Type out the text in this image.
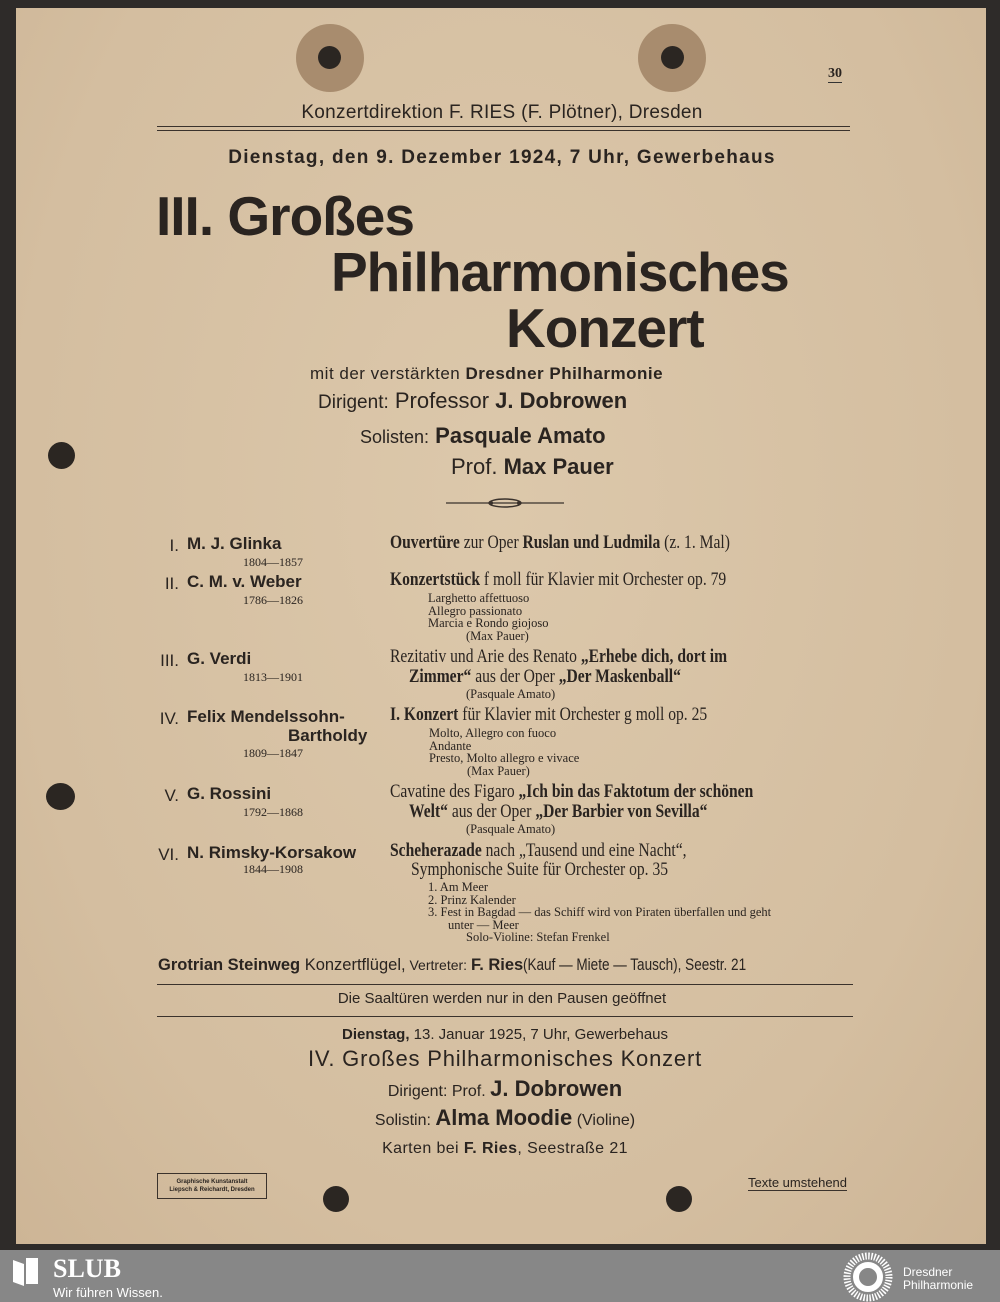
30
Konzertdirektion F. RIES (F. Plötner), Dresden
Dienstag, den 9. Dezember 1924, 7 Uhr, Gewerbehaus
III. Großes
Philharmonisches
Konzert
mit der verstärkten Dresdner Philharmonie
Dirigent: Professor J. Dobrowen
Solisten: Pasquale Amato
Prof. Max Pauer
I. M. J. Glinka
1804—1857
Ouvertüre zur Oper Ruslan und Ludmila (z. 1. Mal)
II. C. M. v. Weber
1786—1826
Konzertstück f moll für Klavier mit Orchester op. 79
Larghetto affettuoso
Allegro passionato
Marcia e Rondo giojoso
(Max Pauer)
III. G. Verdi
1813—1901
Rezitativ und Arie des Renato „Erhebe dich, dort im
Zimmer“ aus der Oper „Der Maskenball“
(Pasquale Amato)
IV. Felix Mendelssohn-
Bartholdy
1809—1847
I. Konzert für Klavier mit Orchester g moll op. 25
Molto, Allegro con fuoco
Andante
Presto, Molto allegro e vivace
(Max Pauer)
V. G. Rossini
1792—1868
Cavatine des Figaro „Ich bin das Faktotum der schönen
Welt“ aus der Oper „Der Barbier von Sevilla“
(Pasquale Amato)
VI. N. Rimsky-Korsakow
1844—1908
Scheherazade nach „Tausend und eine Nacht“,
Symphonische Suite für Orchester op. 35
1. Am Meer
2. Prinz Kalender
3. Fest in Bagdad — das Schiff wird von Piraten überfallen und geht
unter — Meer
Solo-Violine: Stefan Frenkel
Grotrian Steinweg Konzertflügel, Vertreter: F. Ries(Kauf — Miete — Tausch), Seestr. 21
Die Saaltüren werden nur in den Pausen geöffnet
Dienstag, 13. Januar 1925, 7 Uhr, Gewerbehaus
IV. Großes Philharmonisches Konzert
Dirigent: Prof. J. Dobrowen
Solistin: Alma Moodie (Violine)
Karten bei F. Ries, Seestraße 21
Graphische Kunstanstalt
Liepsch & Reichardt, Dresden	Texte umstehend
SLUB
Wir führen Wissen.
Dresdner
Philharmonie
